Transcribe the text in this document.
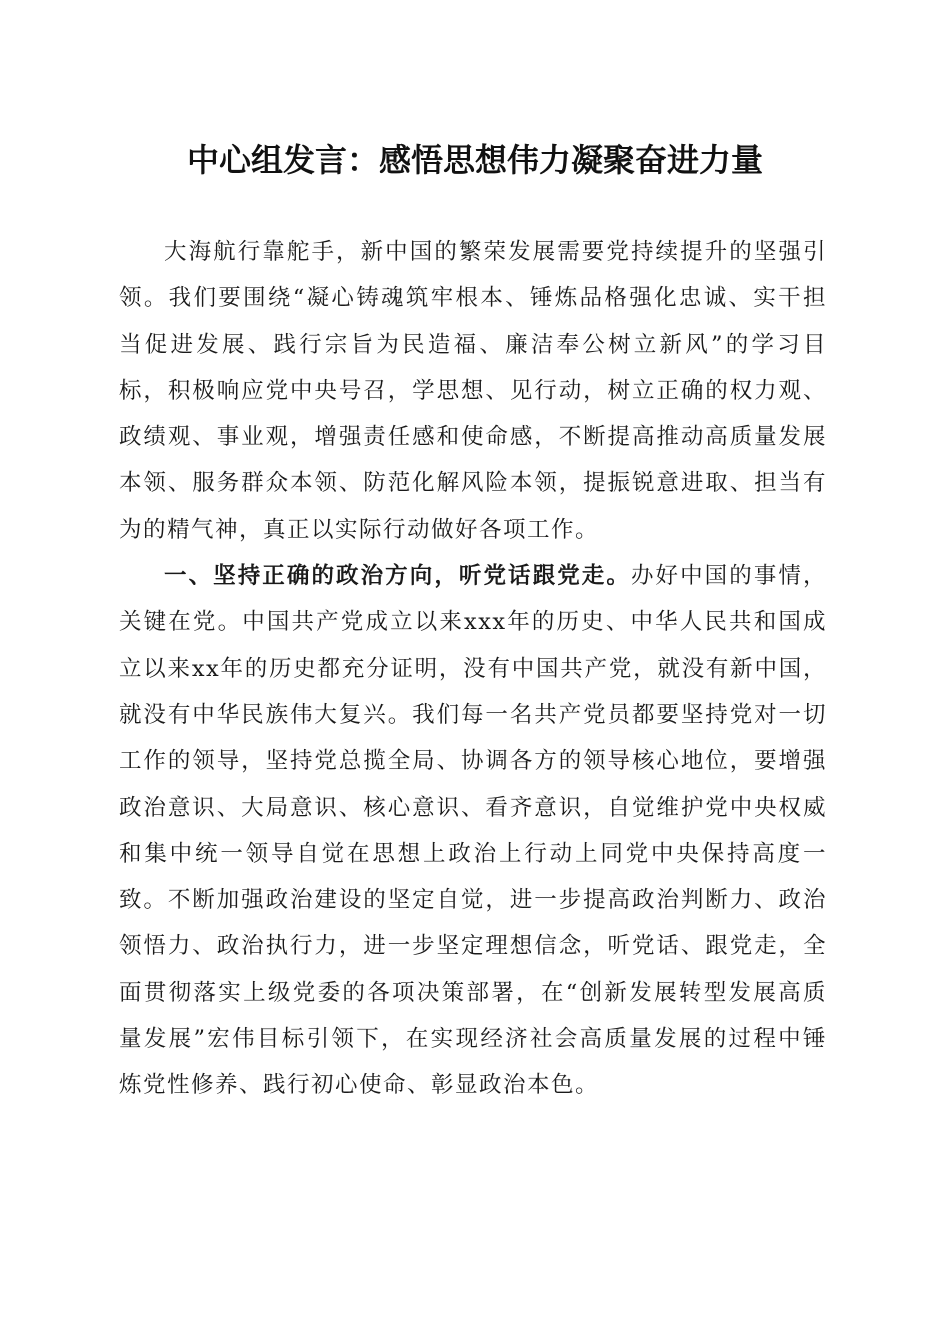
中心组发言：感悟思想伟力凝聚奋进力量

大海航行靠舵手，新中国的繁荣发展需要党持续提升的坚强引领。我们要围绕“凝心铸魂筑牢根本、锤炼品格强化忠诚、实干担当促进发展、践行宗旨为民造福、廉洁奉公树立新风”的学习目标，积极响应党中央号召，学思想、见行动，树立正确的权力观、政绩观、事业观，增强责任感和使命感，不断提高推动高质量发展本领、服务群众本领、防范化解风险本领，提振锐意进取、担当有为的精气神，真正以实际行动做好各项工作。

一、坚持正确的政治方向，听党话跟党走。办好中国的事情，关键在党。中国共产党成立以来xxx年的历史、中华人民共和国成立以来xx年的历史都充分证明，没有中国共产党，就没有新中国，就没有中华民族伟大复兴。我们每一名共产党员都要坚持党对一切工作的领导，坚持党总揽全局、协调各方的领导核心地位，要增强政治意识、大局意识、核心意识、看齐意识，自觉维护党中央权威和集中统一领导自觉在思想上政治上行动上同党中央保持高度一致。不断加强政治建设的坚定自觉，进一步提高政治判断力、政治领悟力、政治执行力，进一步坚定理想信念，听党话、跟党走，全面贯彻落实上级党委的各项决策部署，在“创新发展转型发展高质量发展”宏伟目标引领下，在实现经济社会高质量发展的过程中锤炼党性修养、践行初心使命、彰显政治本色。
